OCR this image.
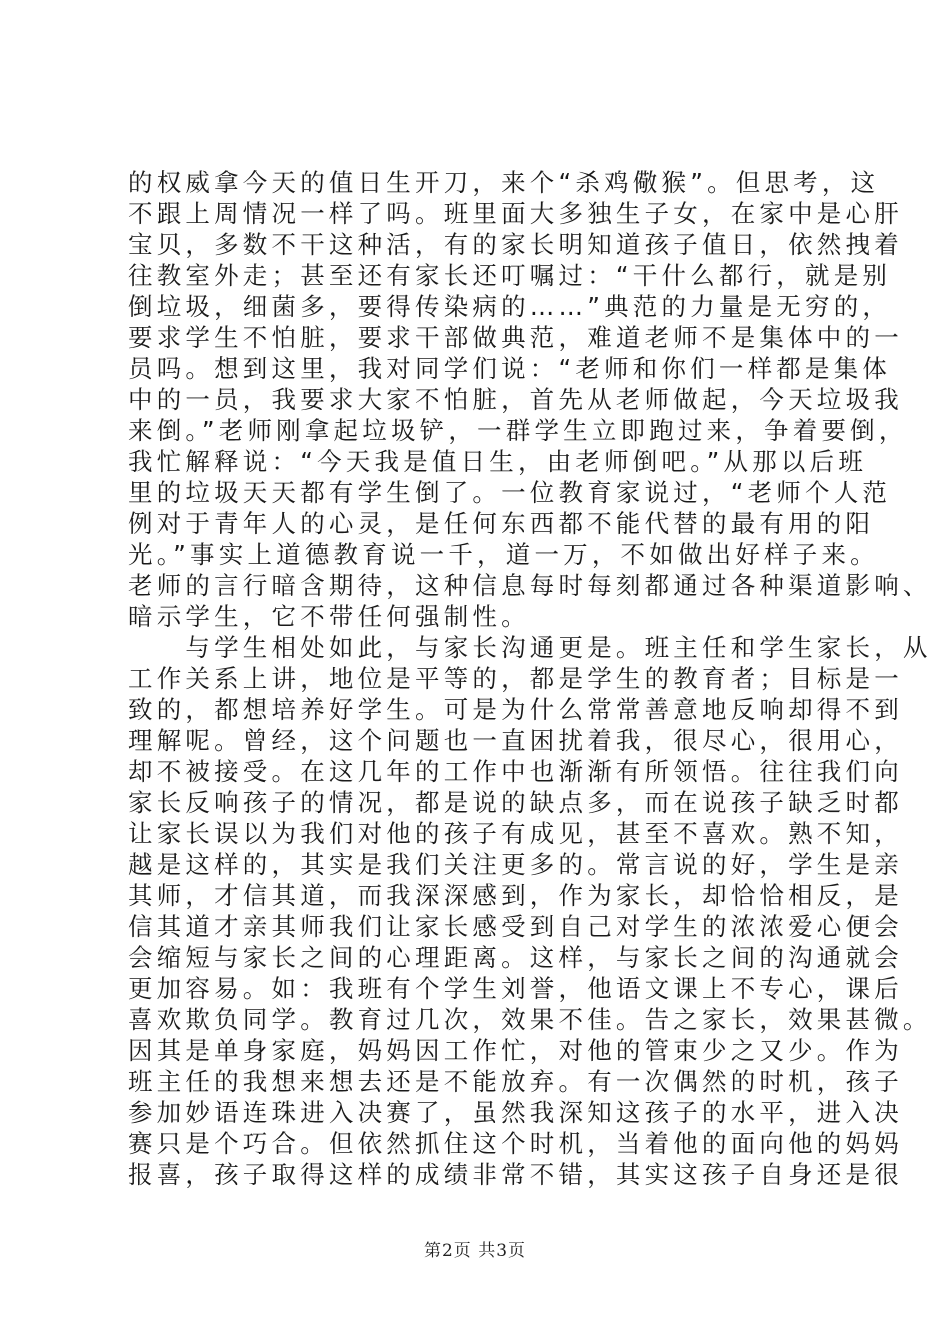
的权威拿今天的值日生开刀，来个“杀鸡儆猴”。但思考，这
不跟上周情况一样了吗。班里面大多独生子女，在家中是心肝
宝贝，多数不干这种活，有的家长明知道孩子值日，依然拽着
往教室外走；甚至还有家长还叮嘱过：“干什么都行，就是别
倒垃圾，细菌多，要得传染病的……”典范的力量是无穷的，
要求学生不怕脏，要求干部做典范，难道老师不是集体中的一
员吗。想到这里，我对同学们说：“老师和你们一样都是集体
中的一员，我要求大家不怕脏，首先从老师做起，今天垃圾我
来倒。”老师刚拿起垃圾铲，一群学生立即跑过来，争着要倒，
我忙解释说：“今天我是值日生，由老师倒吧。”从那以后班
里的垃圾天天都有学生倒了。一位教育家说过，“老师个人范
例对于青年人的心灵，是任何东西都不能代替的最有用的阳
光。”事实上道德教育说一千，道一万，不如做出好样子来。
老师的言行暗含期待，这种信息每时每刻都通过各种渠道影响、
暗示学生，它不带任何强制性。
　　与学生相处如此，与家长沟通更是。班主任和学生家长，从
工作关系上讲，地位是平等的，都是学生的教育者；目标是一
致的，都想培养好学生。可是为什么常常善意地反响却得不到
理解呢。曾经，这个问题也一直困扰着我，很尽心，很用心，
却不被接受。在这几年的工作中也渐渐有所领悟。往往我们向
家长反响孩子的情况，都是说的缺点多，而在说孩子缺乏时都
让家长误以为我们对他的孩子有成见，甚至不喜欢。熟不知，
越是这样的，其实是我们关注更多的。常言说的好，学生是亲
其师，才信其道，而我深深感到，作为家长，却恰恰相反，是
信其道才亲其师我们让家长感受到自己对学生的浓浓爱心便会
会缩短与家长之间的心理距离。这样，与家长之间的沟通就会
更加容易。如：我班有个学生刘誉，他语文课上不专心，课后
喜欢欺负同学。教育过几次，效果不佳。告之家长，效果甚微。
因其是单身家庭，妈妈因工作忙，对他的管束少之又少。作为
班主任的我想来想去还是不能放弃。有一次偶然的时机，孩子
参加妙语连珠进入决赛了，虽然我深知这孩子的水平，进入决
赛只是个巧合。但依然抓住这个时机，当着他的面向他的妈妈
报喜，孩子取得这样的成绩非常不错，其实这孩子自身还是很
第2页 共3页
